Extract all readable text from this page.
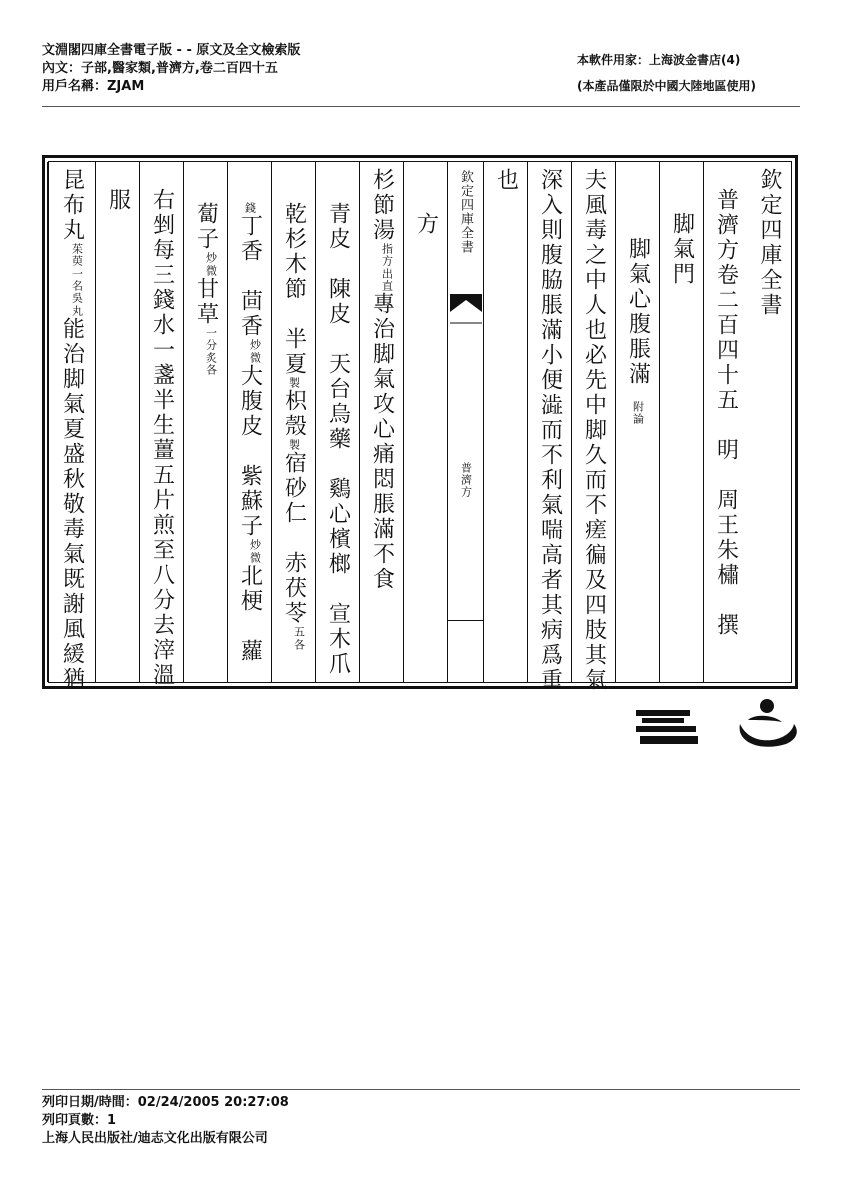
文淵閣四庫全書電子版 - - 原文及全文檢索版
內文：子部,醫家類,普濟方,卷二百四十五
用戶名稱：ZJAM
本軟件用家：上海波金書店(4)
(本產品僅限於中國大陸地區使用)
欽定四庫全書
普濟方卷二百四十五　明　周王朱橚　撰
脚氣門
脚氣心腹脹滿附論
夫風毒之中人也必先中脚久而不瘥徧及四肢其氣
深入則腹脇脹滿小便澁而不利氣喘高者其病爲重
也
欽定四庫全書
普濟方
方
杉節湯
出直
指方
專治脚氣攻心痛悶脹滿不食
青皮　陳皮　天台烏藥　鷄心檳榔　宣木爪
乾杉木節　半夏製枳殼製宿砂仁　赤茯苓
各
五
錢丁香　茴香
微
炒
大腹皮　紫蘇子
微
炒
北梗　蘿
蔔子
微
炒
甘草
炙各
一分
右剉每三錢水一盞半生薑五片煎至八分去滓溫
服
昆布丸
一名
茱萸
丸
吳
能治脚氣夏盛秋敬毒氣既謝風緩猶
列印日期/時間：02/24/2005 20:27:08
列印頁數：1
上海人民出版社/迪志文化出版有限公司
